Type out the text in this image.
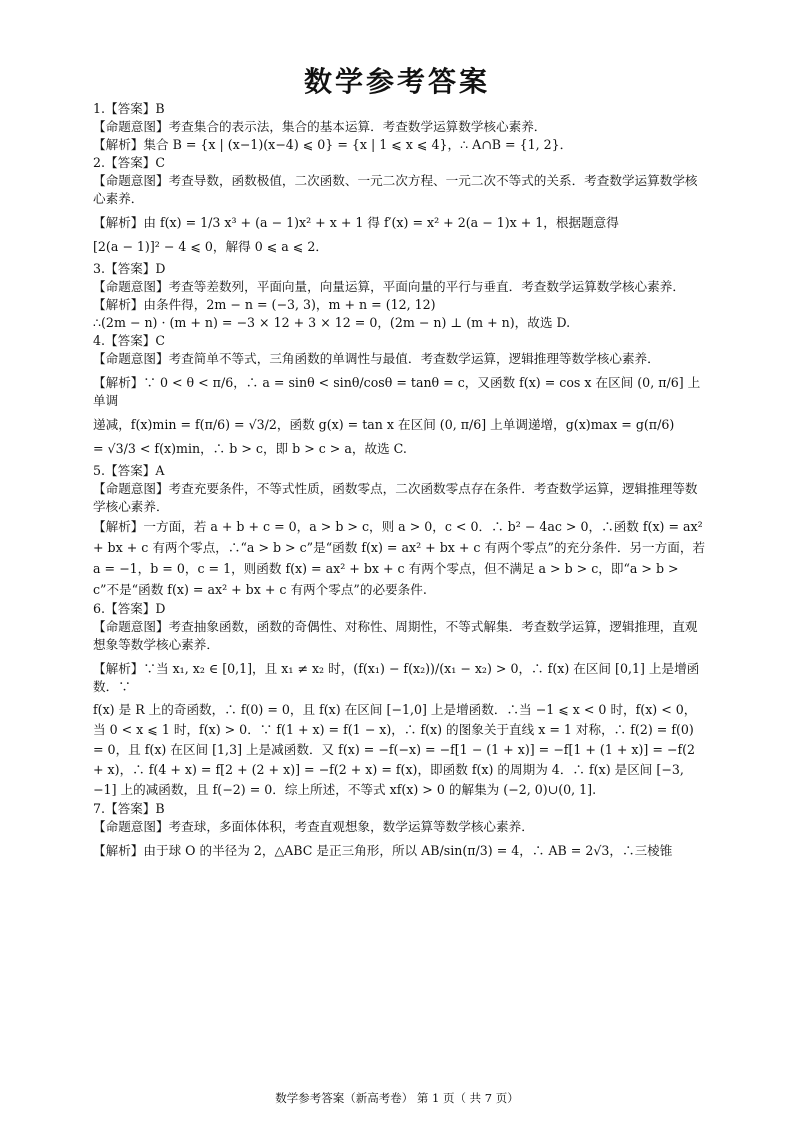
数学参考答案

1.【答案】B

【命题意图】考查集合的表示法，集合的基本运算．考查数学运算数学核心素养．

【解析】集合 B = {x | (x−1)(x−4) ⩽ 0} = {x | 1 ⩽ x ⩽ 4}，∴ A∩B = {1, 2}．

2.【答案】C

【命题意图】考查导数，函数极值，二次函数、一元二次方程、一元二次不等式的关系．考查数学运算数学核心素养．

【解析】由 f(x) = 1/3 x³ + (a − 1)x² + x + 1 得 f′(x) = x² + 2(a − 1)x + 1，根据题意得

[2(a − 1)]² − 4 ⩽ 0，解得 0 ⩽ a ⩽ 2．

3.【答案】D

【命题意图】考查等差数列，平面向量，向量运算，平面向量的平行与垂直．考查数学运算数学核心素养．

【解析】由条件得，2m − n = (−3, 3)，m + n = (12, 12)

∴(2m − n) · (m + n) = −3 × 12 + 3 × 12 = 0，(2m − n) ⊥ (m + n)，故选 D.

4.【答案】C

【命题意图】考查简单不等式，三角函数的单调性与最值．考查数学运算，逻辑推理等数学核心素养．

【解析】∵ 0 < θ < π/6，∴ a = sinθ < sinθ/cosθ = tanθ = c，又函数 f(x) = cos x 在区间 (0, π/6] 上单调

递减，f(x)min = f(π/6) = √3/2，函数 g(x) = tan x 在区间 (0, π/6] 上单调递增，g(x)max = g(π/6)

= √3/3 < f(x)min，∴ b > c，即 b > c > a，故选 C.

5.【答案】A

【命题意图】考查充要条件，不等式性质，函数零点，二次函数零点存在条件．考查数学运算，逻辑推理等数学核心素养．

【解析】一方面，若 a + b + c = 0，a > b > c，则 a > 0，c < 0．∴ b² − 4ac > 0，∴函数 f(x) = ax² + bx + c 有两个零点，∴“a > b > c”是“函数 f(x) = ax² + bx + c 有两个零点”的充分条件．另一方面，若 a = −1，b = 0，c = 1，则函数 f(x) = ax² + bx + c 有两个零点，但不满足 a > b > c，即“a > b > c”不是“函数 f(x) = ax² + bx + c 有两个零点”的必要条件.

6.【答案】D

【命题意图】考查抽象函数，函数的奇偶性、对称性、周期性，不等式解集．考查数学运算，逻辑推理，直观想象等数学核心素养．

【解析】∵当 x₁, x₂ ∈ [0,1]，且 x₁ ≠ x₂ 时，(f(x₁) − f(x₂))/(x₁ − x₂) > 0，∴ f(x) 在区间 [0,1] 上是增函数．∵

f(x) 是 R 上的奇函数，∴ f(0) = 0，且 f(x) 在区间 [−1,0] 上是增函数．∴当 −1 ⩽ x < 0 时，f(x) < 0，当 0 < x ⩽ 1 时，f(x) > 0．∵ f(1 + x) = f(1 − x)，∴ f(x) 的图象关于直线 x = 1 对称，∴ f(2) = f(0) = 0，且 f(x) 在区间 [1,3] 上是减函数．又 f(x) = −f(−x) = −f[1 − (1 + x)] = −f[1 + (1 + x)] = −f(2 + x)，∴ f(4 + x) = f[2 + (2 + x)] = −f(2 + x) = f(x)，即函数 f(x) 的周期为 4．∴ f(x) 是区间 [−3, −1] 上的减函数，且 f(−2) = 0．综上所述，不等式 xf(x) > 0 的解集为 (−2, 0)∪(0, 1].

7.【答案】B

【命题意图】考查球，多面体体积，考查直观想象，数学运算等数学核心素养．

【解析】由于球 O 的半径为 2，△ABC 是正三角形，所以 AB/sin(π/3) = 4，∴ AB = 2√3，∴三棱锥

数学参考答案（新高考卷） 第 1 页（ 共 7 页）
